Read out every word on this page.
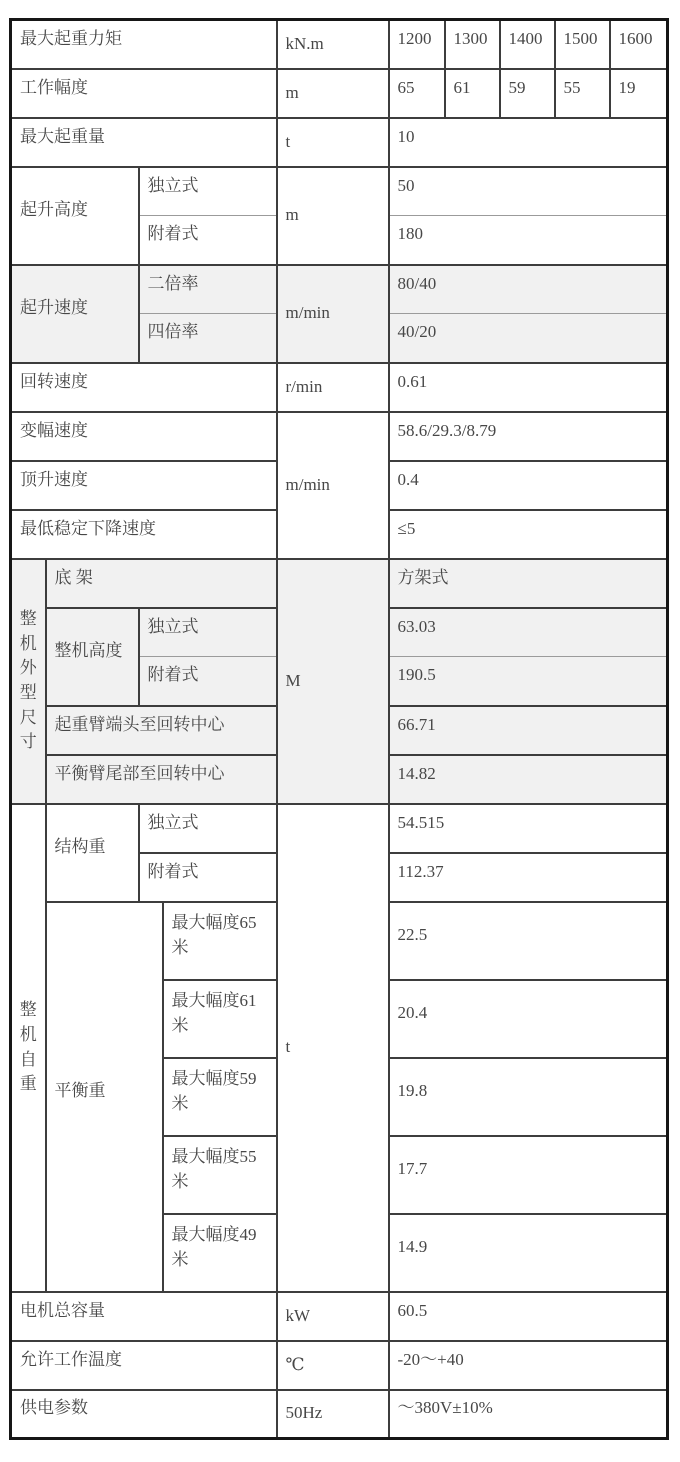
最大起重力矩				kN.m	1200	1300	1400	1500	1600
工作幅度				m	65	61	59	55	19
最大起重量				t	10				
起升高度		独立式		m	50				
		附着式			180				
起升速度		二倍率		m/min	80/40				
		四倍率			40/20				
回转速度				r/min	0.61				
变幅速度				m/min	58.6/29.3/8.79				
顶升速度					0.4				
最低稳定下降速度					≤5				
整机外型尺寸	底 架			M	方架式				
	整机高度	独立式			63.03				
		附着式			190.5				
	起重臂端头至回转中心				66.71				
	平衡臂尾部至回转中心				14.82				
整机自重	结构重	独立式		t	54.515				
		附着式			112.37				
	平衡重		最大幅度65米		22.5				
			最大幅度61米		20.4				
			最大幅度59米		19.8				
			最大幅度55米		17.7				
			最大幅度49米		14.9				
电机总容量				kW	60.5				
允许工作温度				℃	-20～+40				
供电参数				50Hz	～380V±10%				
